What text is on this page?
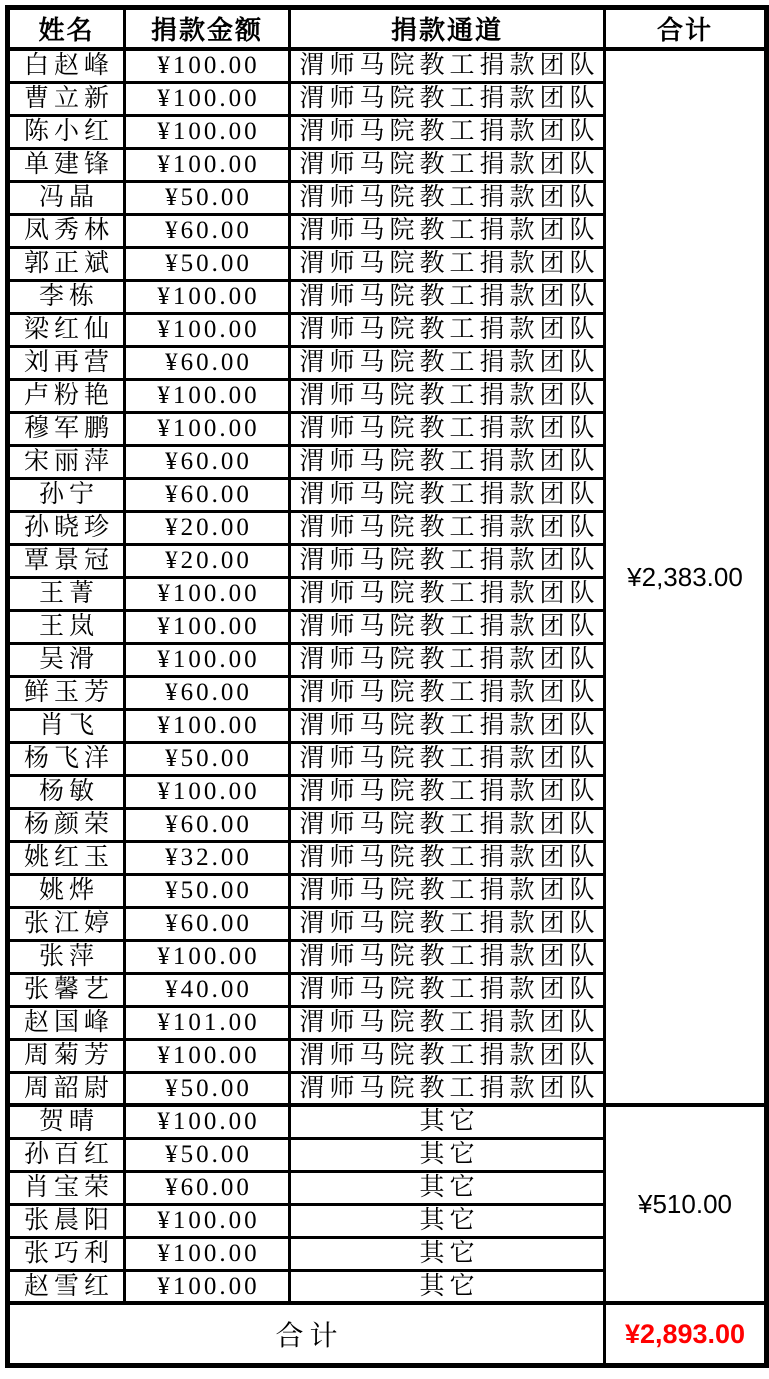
姓名	捐款金额	捐款通道	合计
白赵峰	¥100.00	渭师马院教工捐款团队	¥2,383.00
曹立新	¥100.00	渭师马院教工捐款团队	
陈小红	¥100.00	渭师马院教工捐款团队	
单建锋	¥100.00	渭师马院教工捐款团队	
冯晶	¥50.00	渭师马院教工捐款团队	
凤秀林	¥60.00	渭师马院教工捐款团队	
郭正斌	¥50.00	渭师马院教工捐款团队	
李栋	¥100.00	渭师马院教工捐款团队	
梁红仙	¥100.00	渭师马院教工捐款团队	
刘再营	¥60.00	渭师马院教工捐款团队	
卢粉艳	¥100.00	渭师马院教工捐款团队	
穆军鹏	¥100.00	渭师马院教工捐款团队	
宋丽萍	¥60.00	渭师马院教工捐款团队	
孙宁	¥60.00	渭师马院教工捐款团队	
孙晓珍	¥20.00	渭师马院教工捐款团队	
覃景冠	¥20.00	渭师马院教工捐款团队	
王菁	¥100.00	渭师马院教工捐款团队	
王岚	¥100.00	渭师马院教工捐款团队	
吴滑	¥100.00	渭师马院教工捐款团队	
鲜玉芳	¥60.00	渭师马院教工捐款团队	
肖飞	¥100.00	渭师马院教工捐款团队	
杨飞洋	¥50.00	渭师马院教工捐款团队	
杨敏	¥100.00	渭师马院教工捐款团队	
杨颜荣	¥60.00	渭师马院教工捐款团队	
姚红玉	¥32.00	渭师马院教工捐款团队	
姚烨	¥50.00	渭师马院教工捐款团队	
张江婷	¥60.00	渭师马院教工捐款团队	
张萍	¥100.00	渭师马院教工捐款团队	
张馨艺	¥40.00	渭师马院教工捐款团队	
赵国峰	¥101.00	渭师马院教工捐款团队	
周菊芳	¥100.00	渭师马院教工捐款团队	
周韶尉	¥50.00	渭师马院教工捐款团队	
贺晴	¥100.00	其它	¥510.00
孙百红	¥50.00	其它	
肖宝荣	¥60.00	其它	
张晨阳	¥100.00	其它	
张巧利	¥100.00	其它	
赵雪红	¥100.00	其它	
合计			¥2,893.00
